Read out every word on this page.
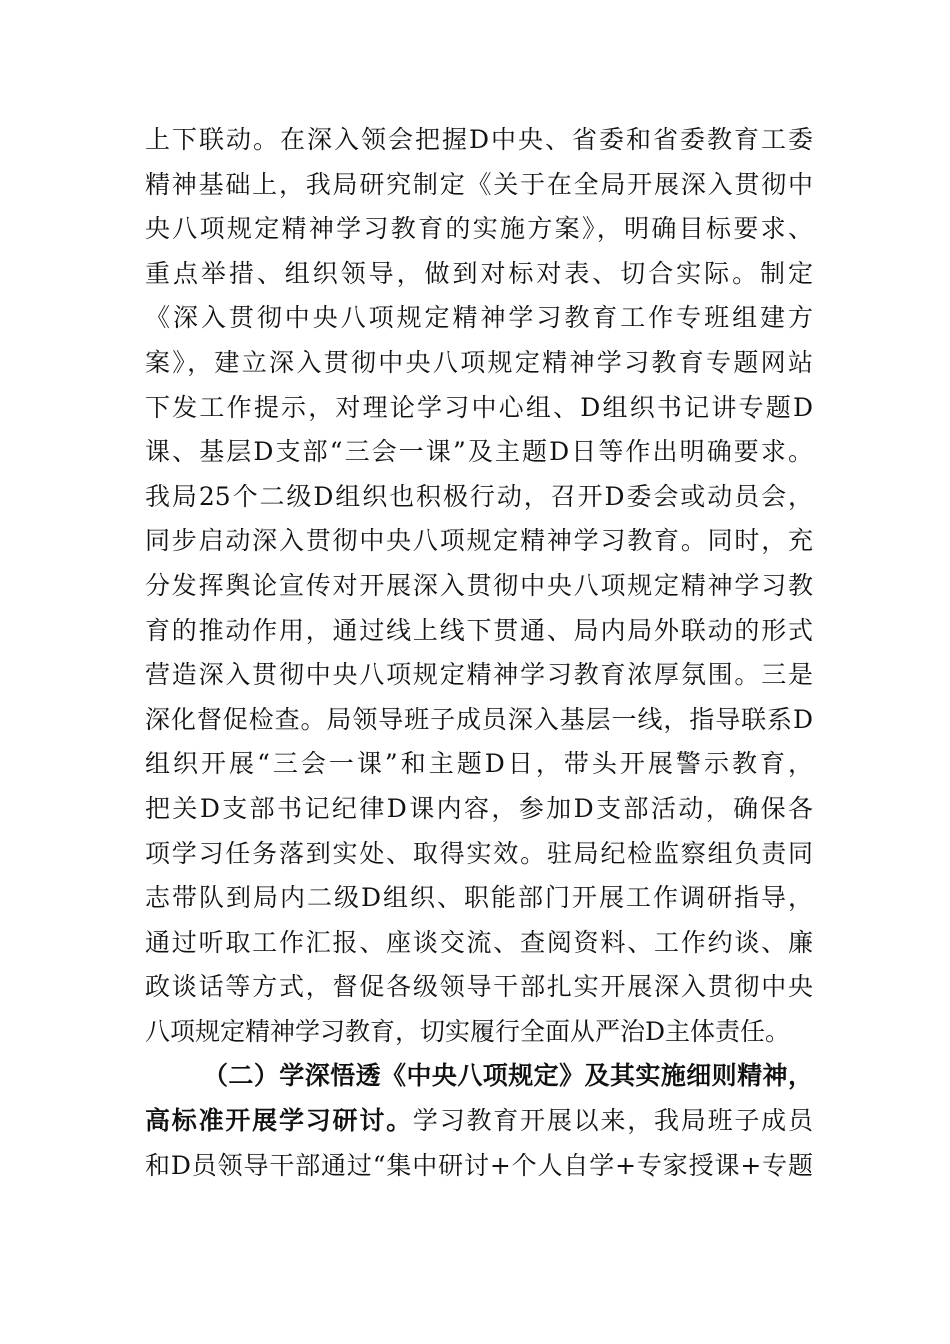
上下联动。在深入领会把握D中央、省委和省委教育工委
精神基础上，我局研究制定《关于在全局开展深入贯彻中
央八项规定精神学习教育的实施方案》，明确目标要求、
重点举措、组织领导，做到对标对表、切合实际。制定
《深入贯彻中央八项规定精神学习教育工作专班组建方
案》，建立深入贯彻中央八项规定精神学习教育专题网站
下发工作提示，对理论学习中心组、D组织书记讲专题D
课、基层D支部“三会一课”及主题D日等作出明确要求。
我局25个二级D组织也积极行动，召开D委会或动员会，
同步启动深入贯彻中央八项规定精神学习教育。同时，充
分发挥舆论宣传对开展深入贯彻中央八项规定精神学习教
育的推动作用，通过线上线下贯通、局内局外联动的形式
营造深入贯彻中央八项规定精神学习教育浓厚氛围。三是
深化督促检查。局领导班子成员深入基层一线，指导联系D
组织开展“三会一课”和主题D日，带头开展警示教育，
把关D支部书记纪律D课内容，参加D支部活动，确保各
项学习任务落到实处、取得实效。驻局纪检监察组负责同
志带队到局内二级D组织、职能部门开展工作调研指导，
通过听取工作汇报、座谈交流、查阅资料、工作约谈、廉
政谈话等方式，督促各级领导干部扎实开展深入贯彻中央
八项规定精神学习教育，切实履行全面从严治D主体责任。
（二）学深悟透《中央八项规定》及其实施细则精神，
高标准开展学习研讨。学习教育开展以来，我局班子成员
和D员领导干部通过“集中研讨+个人自学+专家授课+专题
